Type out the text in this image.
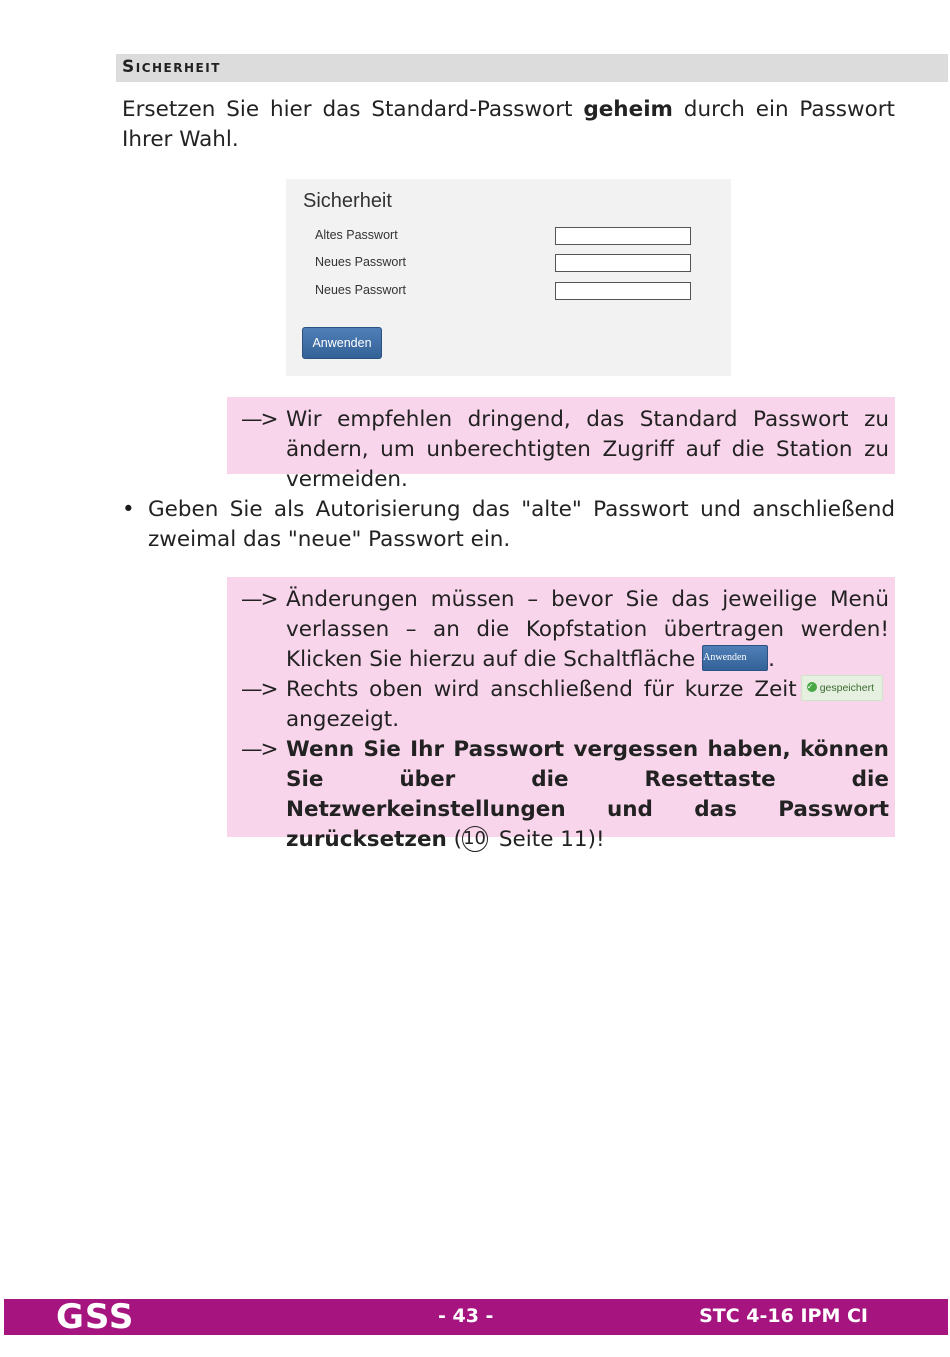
Sicherheit
Ersetzen Sie hier das Standard-Passwort geheim durch ein Passwort Ihrer Wahl.
Sicherheit
Altes Passwort
Neues Passwort
Neues Passwort
Anwenden
—> Wir empfehlen dringend, das Standard Passwort zu ändern, um unberechtigten Zugriff auf die Station zu vermeiden.
• Geben Sie als Autorisierung das "alte" Passwort und anschließend zweimal das "neue" Passwort ein.
—> Änderungen müssen – bevor Sie das jeweilige Menü verlassen – an die Kopfstation übertragen werden! Klicken Sie hierzu auf die Schaltfläche Anwenden .
—> Rechts oben wird anschließend für kurze Zeit ✓ gespeichertangezeigt.
—> Wenn Sie Ihr Passwort vergessen haben, können Sie über die Resettaste die Netzwerkeinstellungen und das Passwort zurücksetzen (10 Seite 11)!
GSS	- 43 -	STC 4-16 IPM CI
